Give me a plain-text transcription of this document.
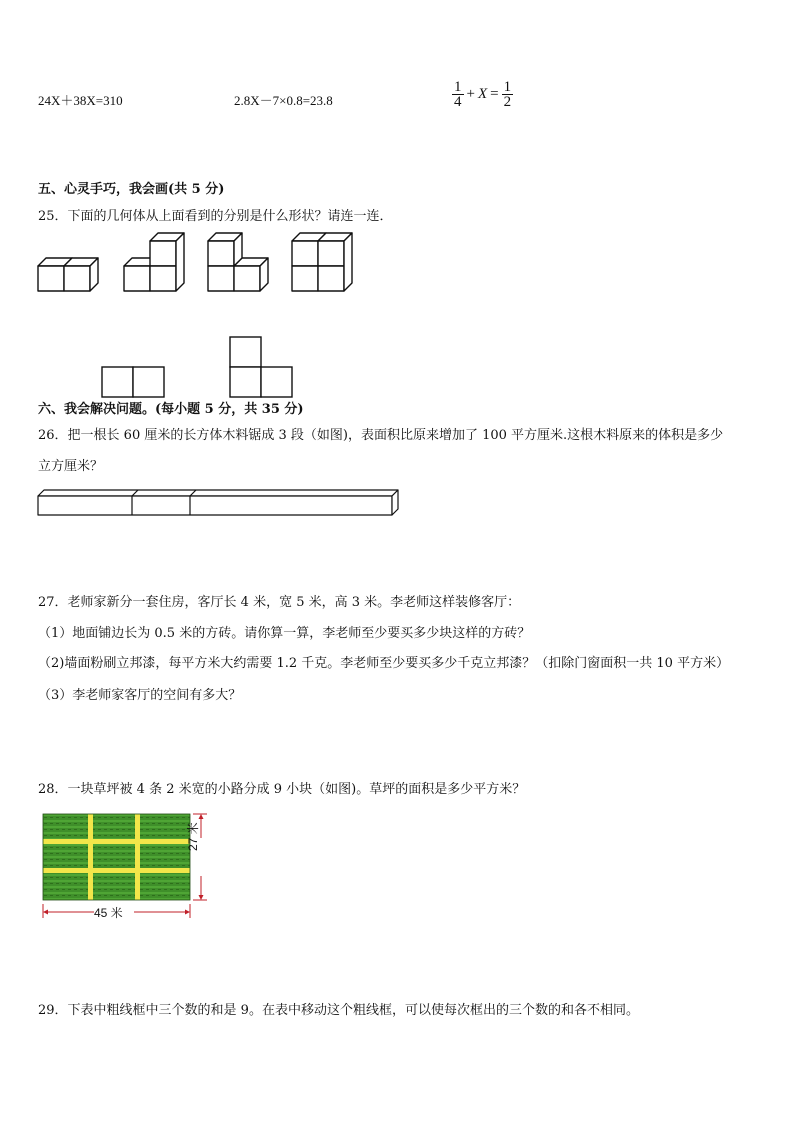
24X＋38X=310	2.8X－7×0.8=23.8	$\frac{1}{4} + X = \frac{1}{2}$
五、心灵手巧，我会画(共 5 分)
25．下面的几何体从上面看到的分别是什么形状？请连一连．
六、我会解决问题。(每小题 5 分，共 35 分)
26．把一根长 60 厘米的长方体木料锯成 3 段（如图)，表面积比原来增加了 100 平方厘米.这根木料原来的体积是多少
立方厘米？
27．老师家新分一套住房，客厅长 4 米，宽 5 米，高 3 米。李老师这样装修客厅：
（1）地面铺边长为 0.5 米的方砖。请你算一算，李老师至少要买多少块这样的方砖？
（2)墙面粉刷立邦漆，每平方米大约需要 1.2 千克。李老师至少要买多少千克立邦漆？（扣除门窗面积一共 10 平方米）
（3）李老师家客厅的空间有多大？
28．一块草坪被 4 条 2 米宽的小路分成 9 小块（如图)。草坪的面积是多少平方米？
45 米
27 米
29．下表中粗线框中三个数的和是 9。在表中移动这个粗线框，可以使每次框出的三个数的和各不相同。
